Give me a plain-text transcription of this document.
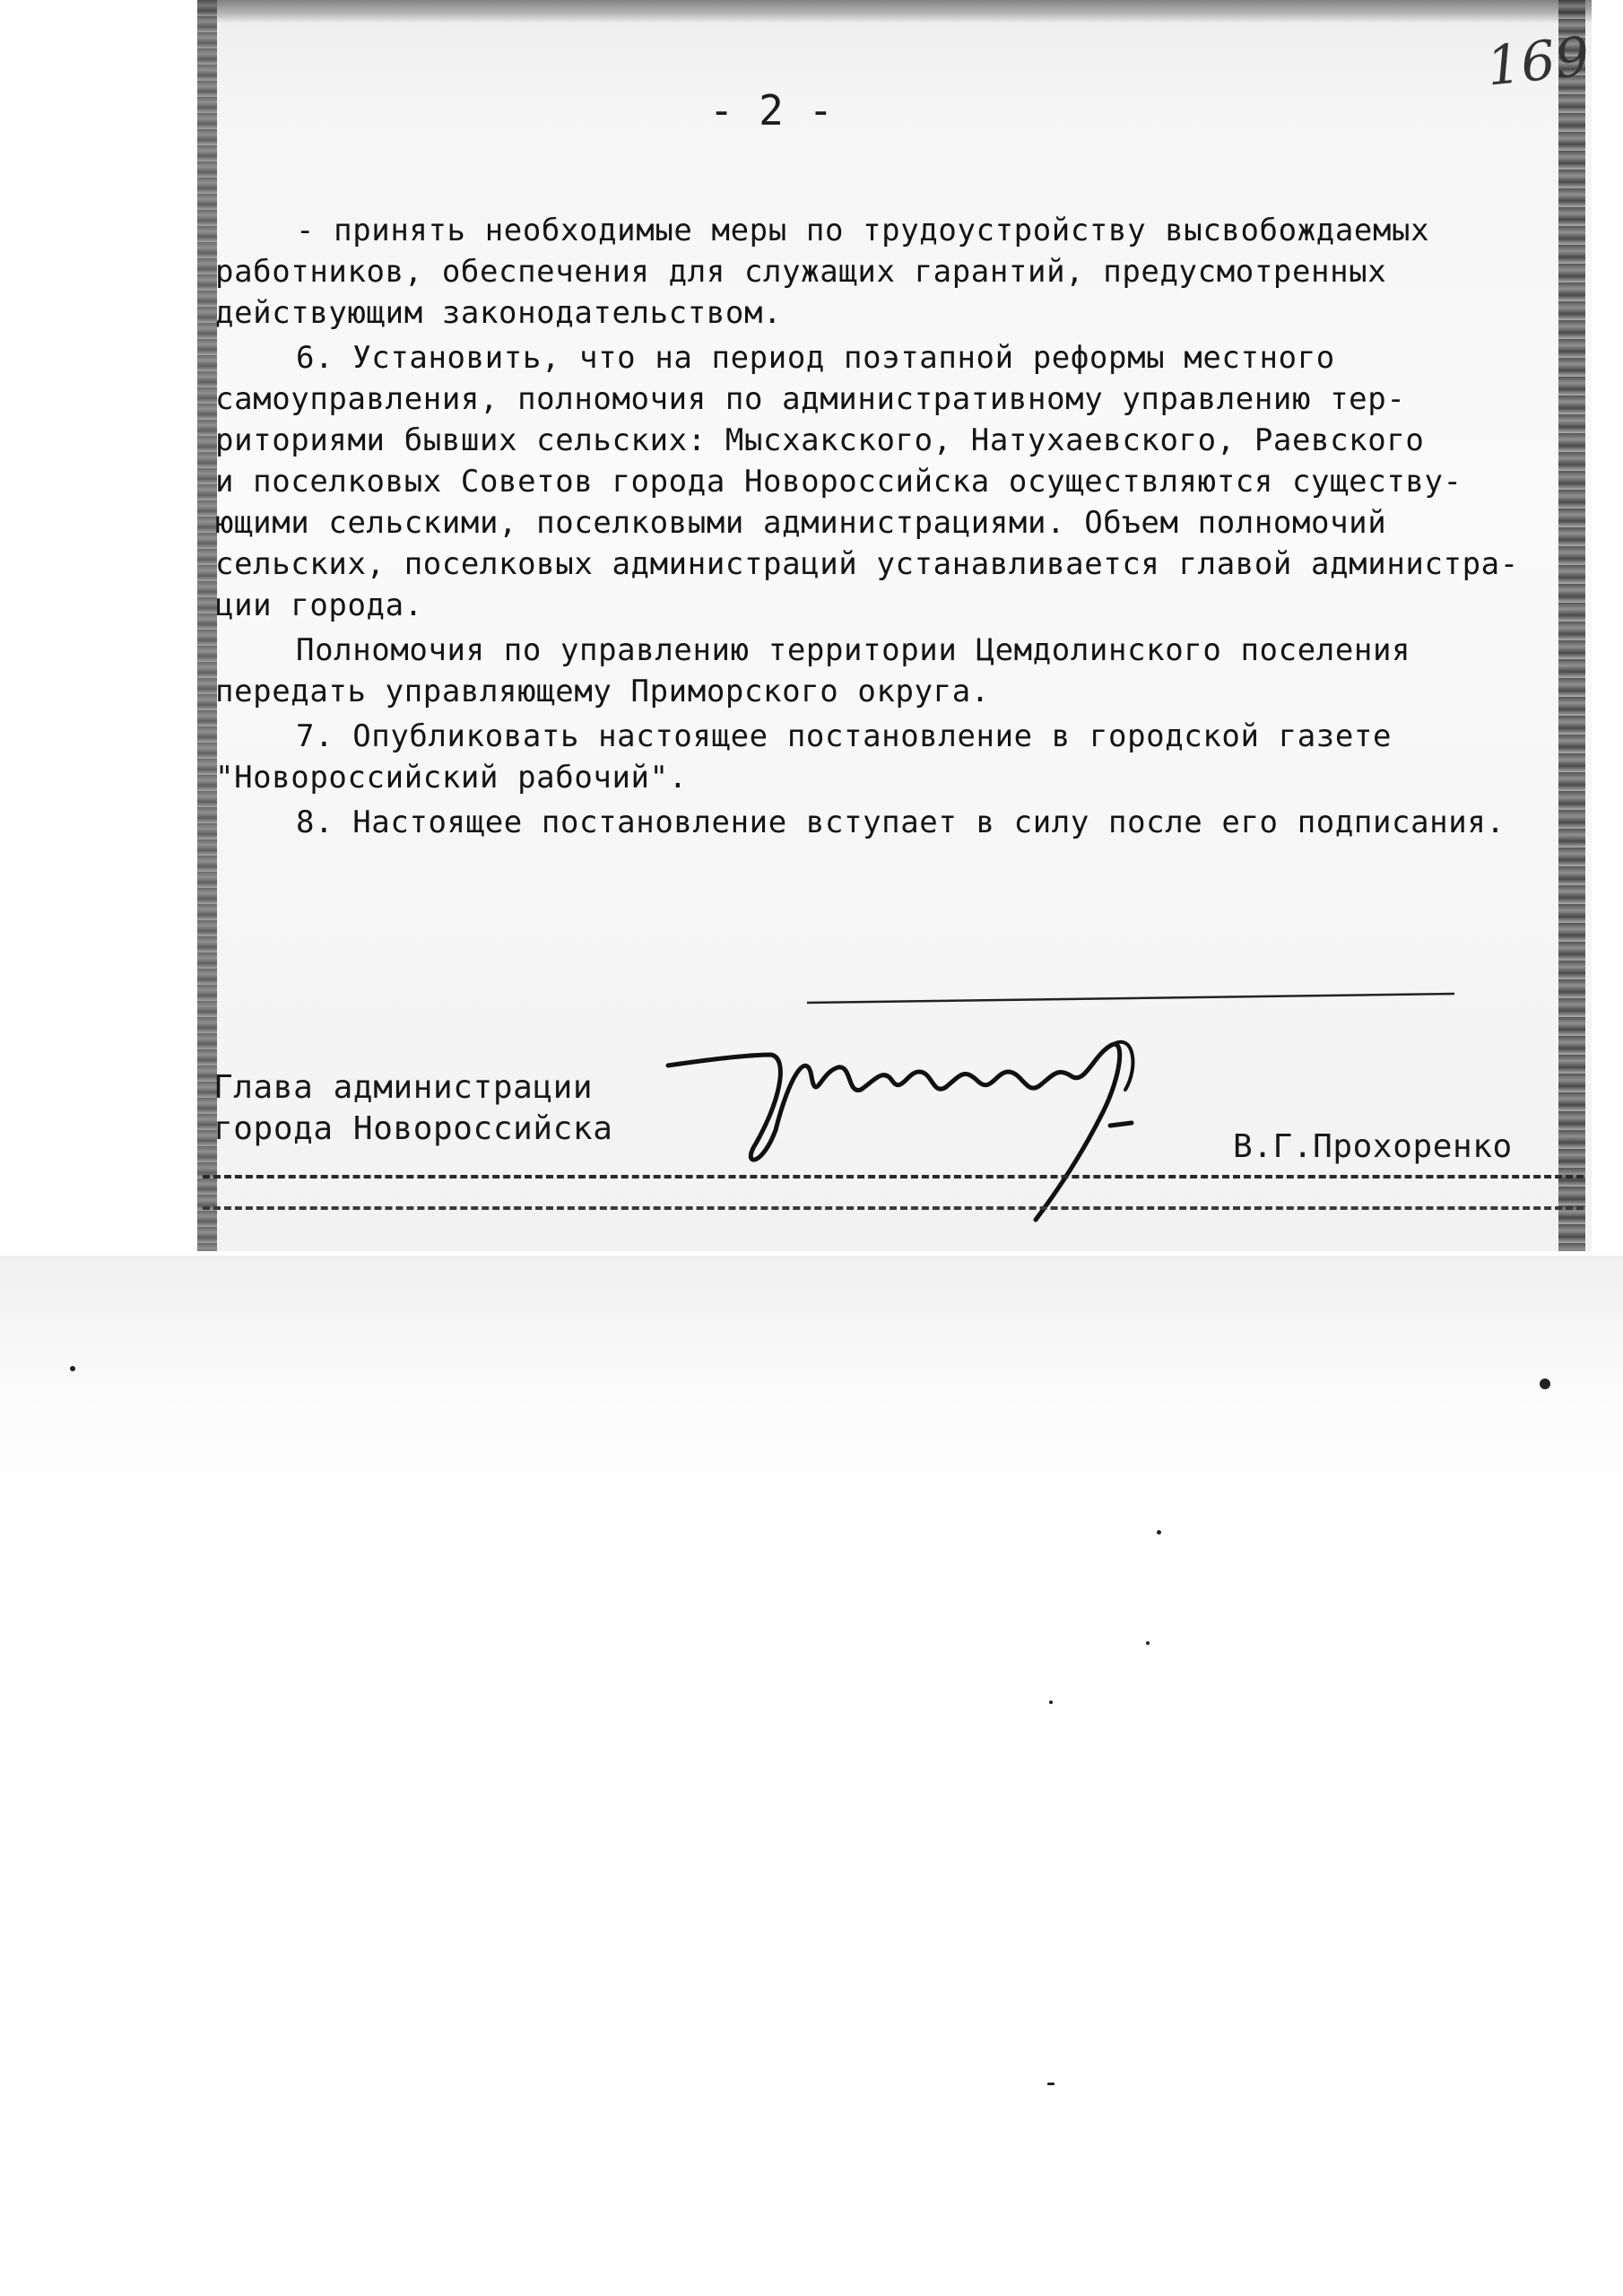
169
- 2 -
- принять необходимые меры по трудоустройству высвобождаемых
работников, обеспечения для служащих гарантий, предусмотренных
действующим законодательством.
6. Установить, что на период поэтапной реформы местного
самоуправления, полномочия по административному управлению тер-
риториями бывших сельских: Мысхакского, Натухаевского, Раевского
и поселковых Советов города Новороссийска осуществляются существу-
ющими сельскими, поселковыми администрациями. Объем полномочий
сельских, поселковых администраций устанавливается главой администра-
ции города.
Полномочия по управлению территории Цемдолинского поселения
передать управляющему Приморского округа.
7. Опубликовать настоящее постановление в городской газете
"Новороссийский рабочий".
8. Настоящее постановление вступает в силу после его подписания.
Глава администрации
города Новороссийска	В.Г.Прохоренко
